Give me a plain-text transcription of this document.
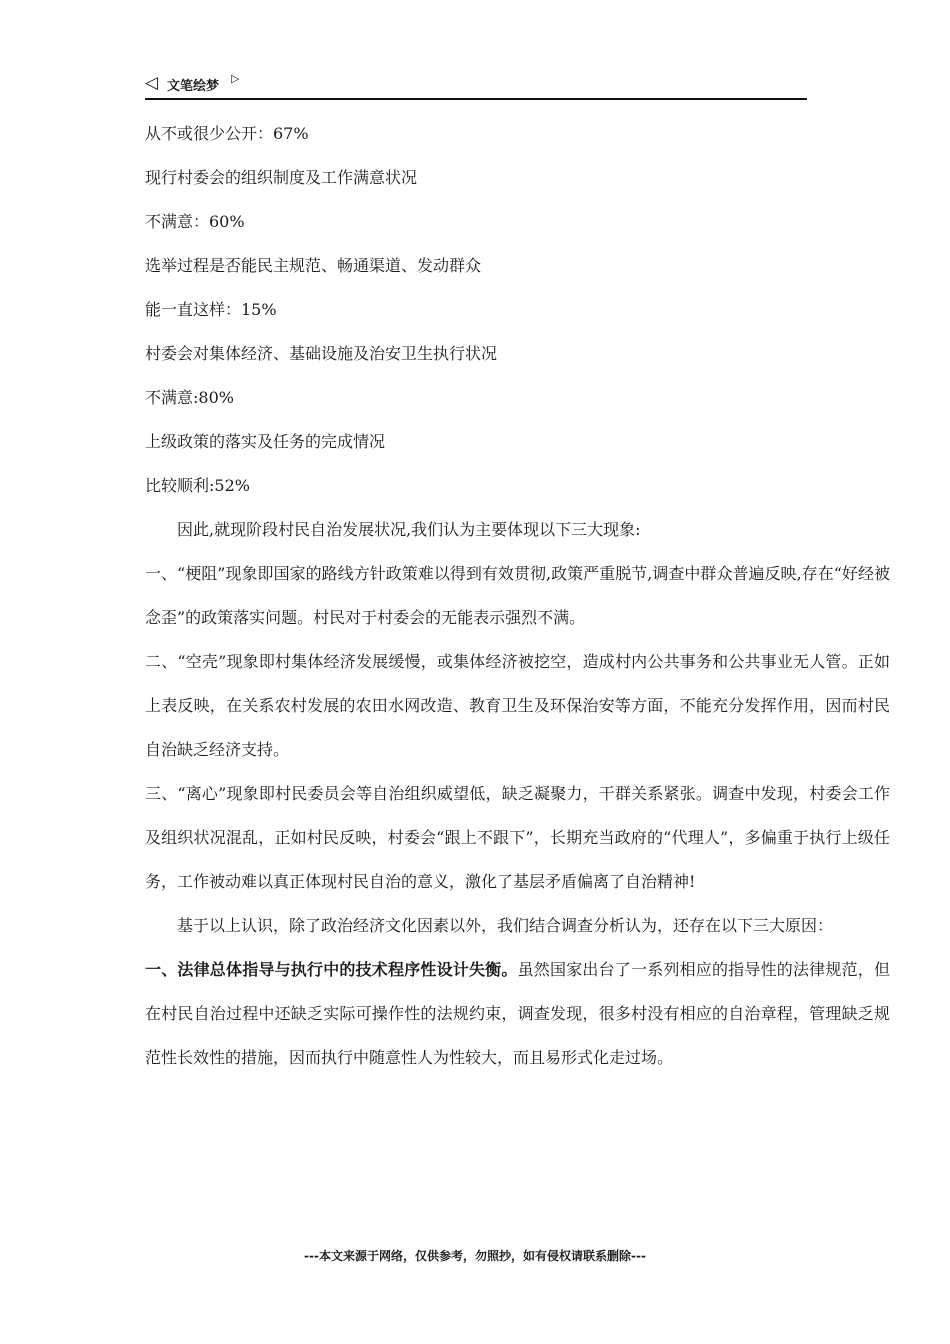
◁ 文笔绘梦
▷
从不或很少公开：67%
现行村委会的组织制度及工作满意状况
不满意：60%
选举过程是否能民主规范、畅通渠道、发动群众
能一直这样：15%
村委会对集体经济、基础设施及治安卫生执行状况
不满意:80%
上级政策的落实及任务的完成情况
比较顺利:52%
因此,就现阶段村民自治发展状况,我们认为主要体现以下三大现象:
一、“梗阻”现象即国家的路线方针政策难以得到有效贯彻,政策严重脱节,调查中群众普遍反映,存在“好经被念歪”的政策落实问题。村民对于村委会的无能表示强烈不满。
二、“空壳”现象即村集体经济发展缓慢，或集体经济被挖空，造成村内公共事务和公共事业无人管。正如上表反映，在关系农村发展的农田水网改造、教育卫生及环保治安等方面，不能充分发挥作用，因而村民自治缺乏经济支持。
三、“离心”现象即村民委员会等自治组织威望低，缺乏凝聚力，干群关系紧张。调查中发现，村委会工作及组织状况混乱，正如村民反映，村委会“跟上不跟下”，长期充当政府的“代理人”，多偏重于执行上级任务，工作被动难以真正体现村民自治的意义，激化了基层矛盾偏离了自治精神!
基于以上认识，除了政治经济文化因素以外，我们结合调查分析认为，还存在以下三大原因：
一、法律总体指导与执行中的技术程序性设计失衡。虽然国家出台了一系列相应的指导性的法律规范，但在村民自治过程中还缺乏实际可操作性的法规约束，调查发现，很多村没有相应的自治章程，管理缺乏规范性长效性的措施，因而执行中随意性人为性较大，而且易形式化走过场。
---本文来源于网络，仅供参考，勿照抄，如有侵权请联系删除---
